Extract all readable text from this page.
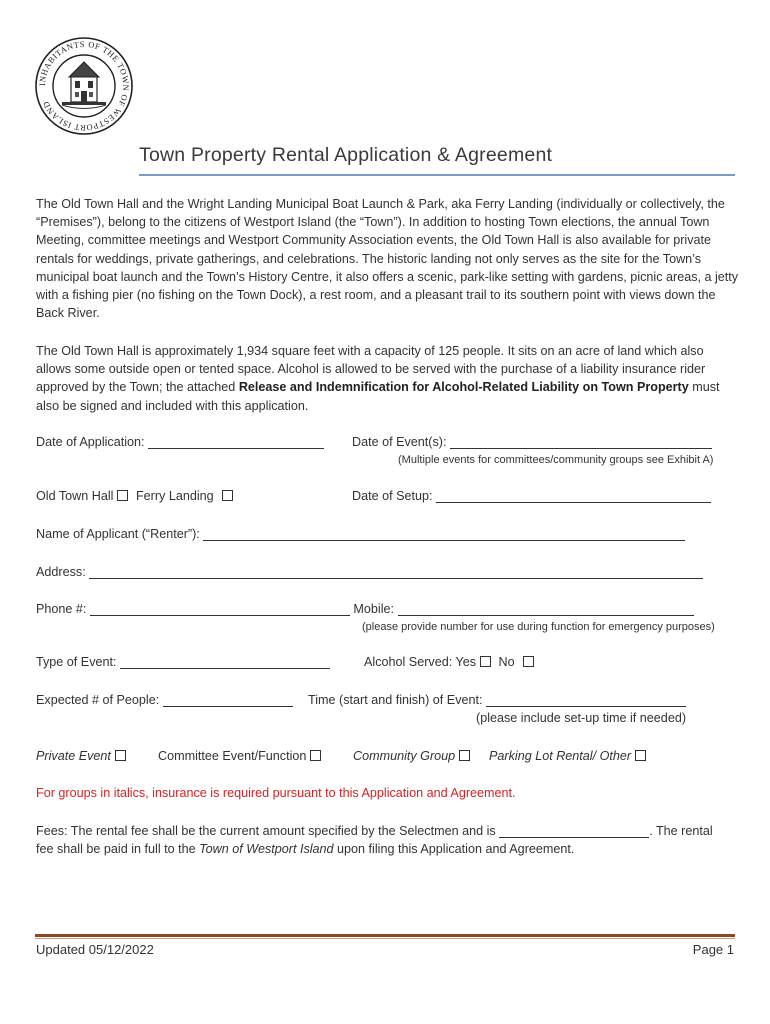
INHABITANTS OF THE TOWN OF WESTPORT ISLAND
Town Property Rental Application & Agreement
The Old Town Hall and the Wright Landing Municipal Boat Launch & Park, aka Ferry Landing (individually or collectively, the “Premises”), belong to the citizens of Westport Island (the “Town”). In addition to hosting Town elections, the annual Town Meeting, committee meetings and Westport Community Association events, the Old Town Hall is also available for private rentals for weddings, private gatherings, and celebrations. The historic landing not only serves as the site for the Town’s municipal boat launch and the Town’s History Centre, it also offers a scenic, park-like setting with gardens, picnic areas, a jetty with a fishing pier (no fishing on the Town Dock), a rest room, and a pleasant trail to its southern point with views down the Back River.
The Old Town Hall is approximately 1,934 square feet with a capacity of 125 people. It sits on an acre of land which also allows some outside open or tented space. Alcohol is allowed to be served with the purchase of a liability insurance rider approved by the Town; the attached Release and Indemnification for Alcohol-Related Liability on Town Property must also be signed and included with this application.
Date of Application:	Date of Event(s):
(Multiple events for committees/community groups see Exhibit A)
Old Town Hall Ferry Landing	Date of Setup:
Name of Applicant (“Renter”):
Address:
Phone #:	Mobile:
(please provide number for use during function for emergency purposes)
Type of Event:	Alcohol Served: Yes No
Expected # of People:	Time (start and finish) of Event:
(please include set-up time if needed)
Private Event	Committee Event/Function	Community Group	Parking Lot Rental/ Other
For groups in italics, insurance is required pursuant to this Application and Agreement.
Fees: The rental fee shall be the current amount specified by the Selectmen and is	. The rental
fee shall be paid in full to the Town of Westport Island upon filing this Application and Agreement.
Updated 05/12/2022	Page 1
